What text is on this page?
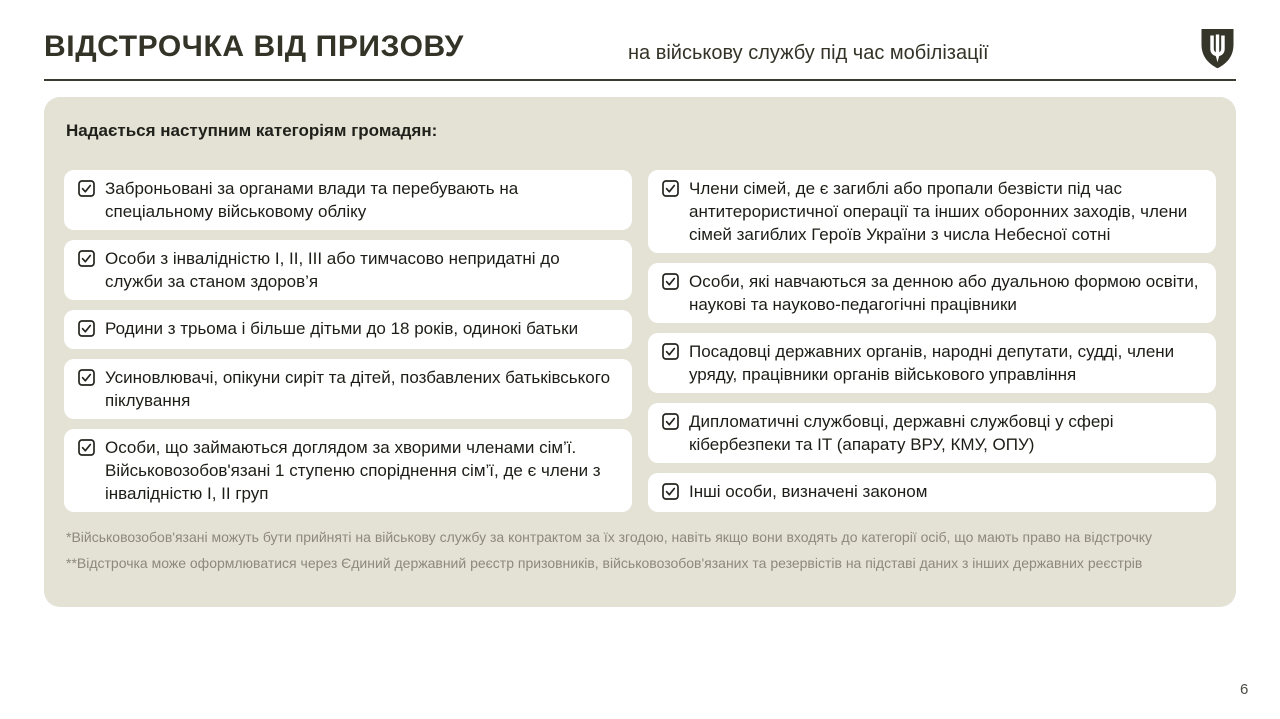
ВІДСТРОЧКА ВІД ПРИЗОВУ	на військову службу під час мобілізації
Надається наступним категоріям громадян:
Заброньовані за органами влади та перебувають на спеціальному військовому обліку
Особи з інвалідністю I, II, III або тимчасово непридатні до служби за станом здоров’я
Родини з трьома і більше дітьми до 18 років, одинокі батьки
Усиновлювачі, опікуни сиріт та дітей, позбавлених батьківського піклування
Особи, що займаються доглядом за хворими членами сім’ї. Військовозобов'язані 1 ступеню споріднення сім’ї, де є члени з інвалідністю I, II груп
Члени сімей, де є загиблі або пропали безвісти під час антитерористичної операції та інших оборонних заходів, члени сімей загиблих Героїв України з числа Небесної сотні
Особи, які навчаються за денною або дуальною формою освіти, наукові та науково-педагогічні працівники
Посадовці державних органів, народні депутати, судді, члени уряду, працівники органів військового управління
Дипломатичні службовці, державні службовці у сфері кібербезпеки та IT (апарату ВРУ, КМУ, ОПУ)
Інші особи, визначені законом
*Військовозобов'язані можуть бути прийняті на військову службу за контрактом за їх згодою, навіть якщо вони входять до категорії осіб, що мають право на відстрочку
**Відстрочка може оформлюватися через Єдиний державний реєстр призовників, військовозобов'язаних та резервістів на підставі даних з інших державних реєстрів
6
